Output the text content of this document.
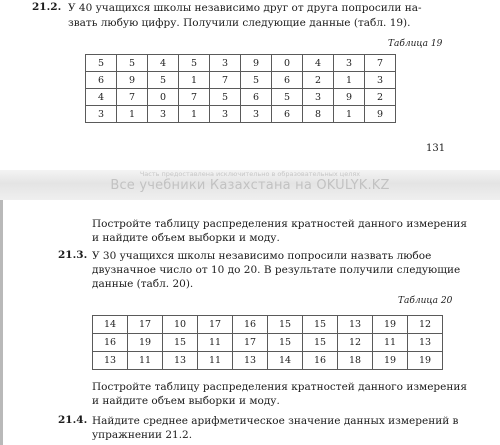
21.2. У 40 учащихся школы независимо друг от друга попросили на-
звать любую цифру. Получили следующие данные (табл. 19).
Таблица 19
5	5	4	5	3	9	0	4	3	7
6	9	5	1	7	5	6	2	1	3
4	7	0	7	5	6	5	3	9	2
3	1	3	1	3	3	6	8	1	9
131
Часть предоставлена исключительно в образовательных целях
Все учебники Казахстана на OKULYK.KZ
Постройте таблицу распределения кратностей данного измерения
и найдите объем выборки и моду.
21.3. У 30 учащихся школы независимо попросили назвать любое
двузначное число от 10 до 20. В результате получили следующие
данные (табл. 20).
Таблица 20
14	17	10	17	16	15	15	13	19	12
16	19	15	11	17	15	15	12	11	13
13	11	13	11	13	14	16	18	19	19
Постройте таблицу распределения кратностей данного измерения
и найдите объем выборки и моду.
21.4. Найдите среднее арифметическое значение данных измерений в
упражнении 21.2.
